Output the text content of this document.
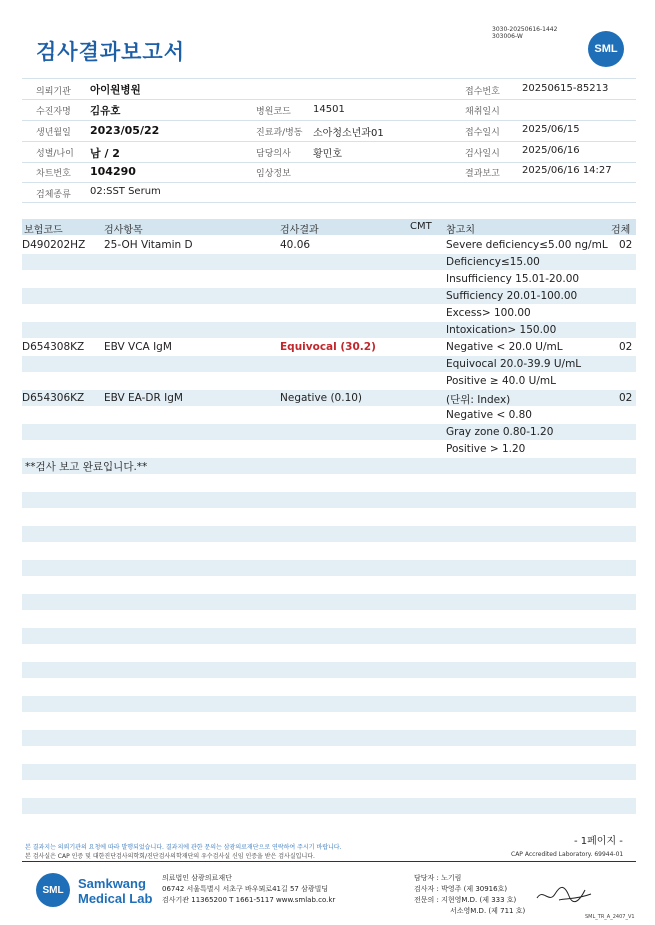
검사결과보고서
3030-20250616-1442
303006-W
SML
의뢰기관 아이원병원	접수번호 20250615-85213
수진자명 김유호	병원코드 14501	채취일시
생년월일 2023/05/22	진료과/병동 소아청소년과01	접수일시 2025/06/15
성별/나이 남 / 2	담당의사 황민호	검사일시 2025/06/16
차트번호 104290	임상정보	결과보고 2025/06/16 14:27
검체종류 02:SST Serum
보험코드	검사항목	검사결과	CMT 참고치	검체
D490202HZ 25-OH Vitamin D	40.06	Severe deficiency≤5.00 ng/mL 02
Deficiency≤15.00
Insufficiency 15.01-20.00
Sufficiency 20.01-100.00
Excess> 100.00
Intoxication> 150.00
D654308KZ EBV VCA IgM	Equivocal (30.2)	Negative < 20.0 U/mL	02
Equivocal 20.0-39.9 U/mL
Positive ≥ 40.0 U/mL
D654306KZ EBV EA-DR IgM	Negative (0.10)	(단위: Index)	02
Negative < 0.80
Gray zone 0.80-1.20
Positive > 1.20
**검사 보고 완료입니다.**
- 1페이지 -
본 결과지는 의뢰기관의 요청에 따라 발행되었습니다. 결과지에 관한 문의는 삼광의료재단으로 연락하여 주시기 바랍니다.
본 검사실은 CAP 인증 및 대한진단검사의학회/진단검사의학재단의 우수검사실 신임 인증을 받은 검사실입니다.	CAP Accredited Laboratory. 69944-01
SML	Samkwang
Medical Lab
의료법인 삼광의료재단
06742 서울특별시 서초구 바우뫼로41길 57 삼광빌딩
검사기관 11365200 T 1661-5117 www.smlab.co.kr
담당자 : 노기림
검사자 : 박영주 (제 30916호)
전문의 : 지현영M.D. (제 333 호)
서소영M.D. (제 711 호)
SML_TR_A_2407_V1
